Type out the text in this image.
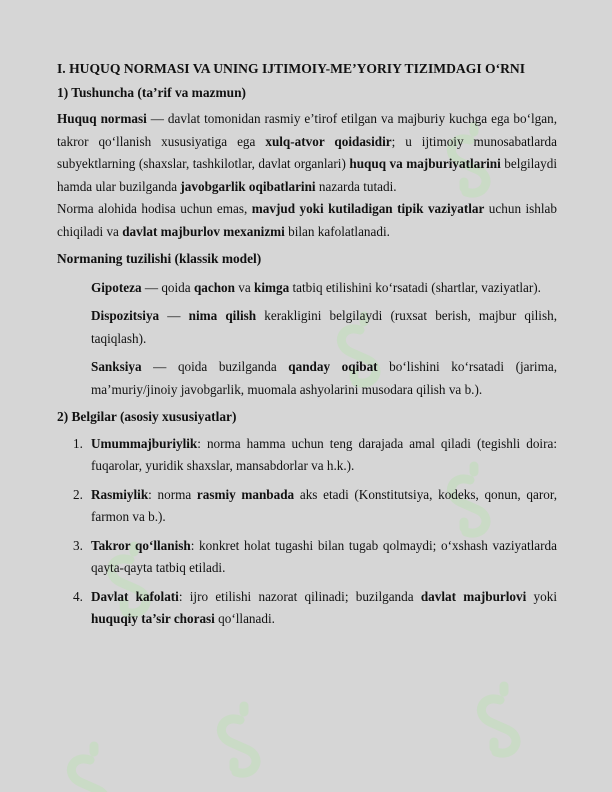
I. HUQUQ NORMASI VA UNING IJTIMOIY-ME’YORIY TIZIMDAGI O‘RNI
1) Tushuncha (ta’rif va mazmun)

Huquq normasi — davlat tomonidan rasmiy e’tirof etilgan va majburiy kuchga ega bo‘lgan, takror qo‘llanish xususiyatiga ega xulq-atvor qoidasidir; u ijtimoiy munosabatlarda subyektlarning (shaxslar, tashkilotlar, davlat organlari) huquq va majburiyatlarini belgilaydi hamda ular buzilganda javobgarlik oqibatlarini nazarda tutadi.

Norma alohida hodisa uchun emas, mavjud yoki kutiladigan tipik vaziyatlar uchun ishlab chiqiladi va davlat majburlov mexanizmi bilan kafolatlanadi.

Normaning tuzilishi (klassik model)
Gipoteza — qoida qachon va kimga tatbiq etilishini ko‘rsatadi (shartlar, vaziyatlar).
Dispozitsiya — nima qilish kerakligini belgilaydi (ruxsat berish, majbur qilish, taqiqlash).
Sanksiya — qoida buzilganda qanday oqibat bo‘lishini ko‘rsatadi (jarima, ma’muriy/jinoiy javobgarlik, muomala ashyolarini musodara qilish va b.).
2) Belgilar (asosiy xususiyatlar)
1. Umummajburiylik: norma hamma uchun teng darajada amal qiladi (tegishli doira: fuqarolar, yuridik shaxslar, mansabdorlar va h.k.).
2. Rasmiylik: norma rasmiy manbada aks etadi (Konstitutsiya, kodeks, qonun, qaror, farmon va b.).
3. Takror qo‘llanish: konkret holat tugashi bilan tugab qolmaydi; o‘xshash vaziyatlarda qayta-qayta tatbiq etiladi.
4. Davlat kafolati: ijro etilishi nazorat qilinadi; buzilganda davlat majburlovi yoki huquqiy ta’sir chorasi qo‘llanadi.
